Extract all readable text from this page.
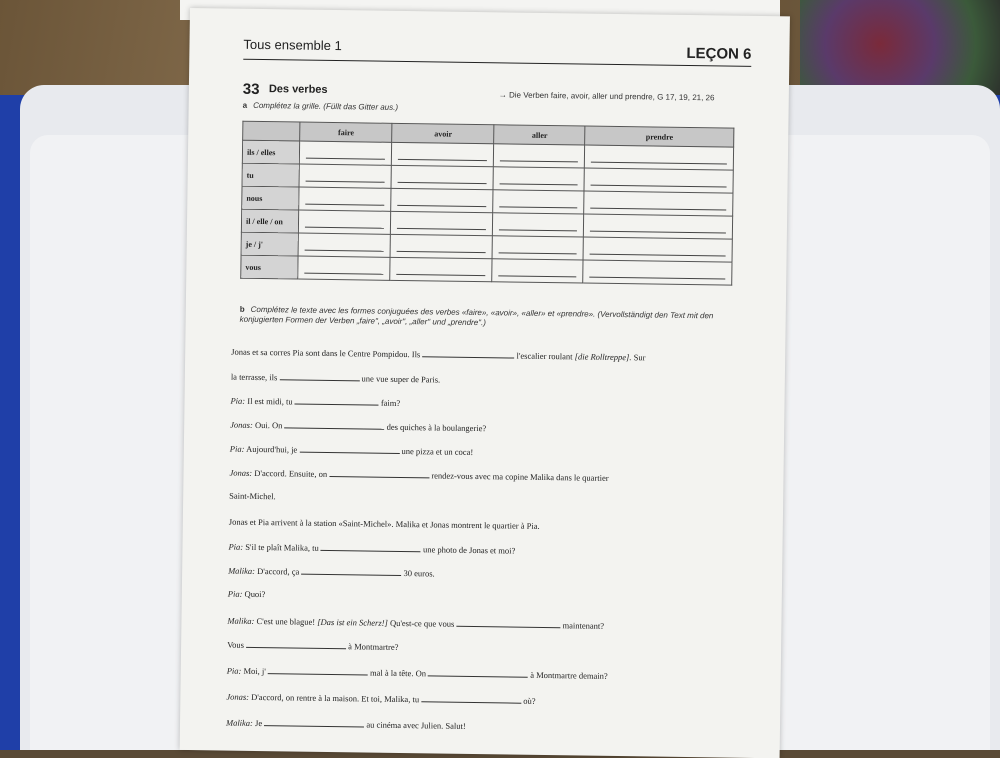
Tous ensemble 1	LEÇON 6
33 Des verbes
→ Die Verben faire, avoir, aller und prendre, G 17, 19, 21, 26
a Complétez la grille. (Füllt das Gitter aus.)
	faire	avoir	aller	prendre
ils / elles	

tu	

nous	

il / elle / on	

je / j'	

vous	

b Complétez le texte avec les formes conjuguées des verbes «faire», «avoir», «aller» et «prendre». (Vervollständigt den Text mit den konjugierten Formen der Verben „faire", „avoir", „aller" und „prendre".)
Jonas et sa corres Pia sont dans le Centre Pompidou. Ils	l'escalier roulant [die Rolltreppe]. Sur
la terrasse, ils	une vue super de Paris.
Pia: Il est midi, tu	faim?
Jonas: Oui. On	des quiches à la boulangerie?
Pia: Aujourd'hui, je	une pizza et un coca!
Jonas: D'accord. Ensuite, on	rendez-vous avec ma copine Malika dans le quartier
Saint-Michel.
Jonas et Pia arrivent à la station «Saint-Michel». Malika et Jonas montrent le quartier à Pia.
Pia: S'il te plaît Malika, tu	une photo de Jonas et moi?
Malika: D'accord, ça	30 euros.
Pia: Quoi?
Malika: C'est une blague! [Das ist ein Scherz!] Qu'est-ce que vous	maintenant?
Vous	à Montmartre?
Pia: Moi, j'	mal à la tête. On	à Montmartre demain?
Jonas: D'accord, on rentre à la maison. Et toi, Malika, tu	où?
Malika: Je	au cinéma avec Julien. Salut!
